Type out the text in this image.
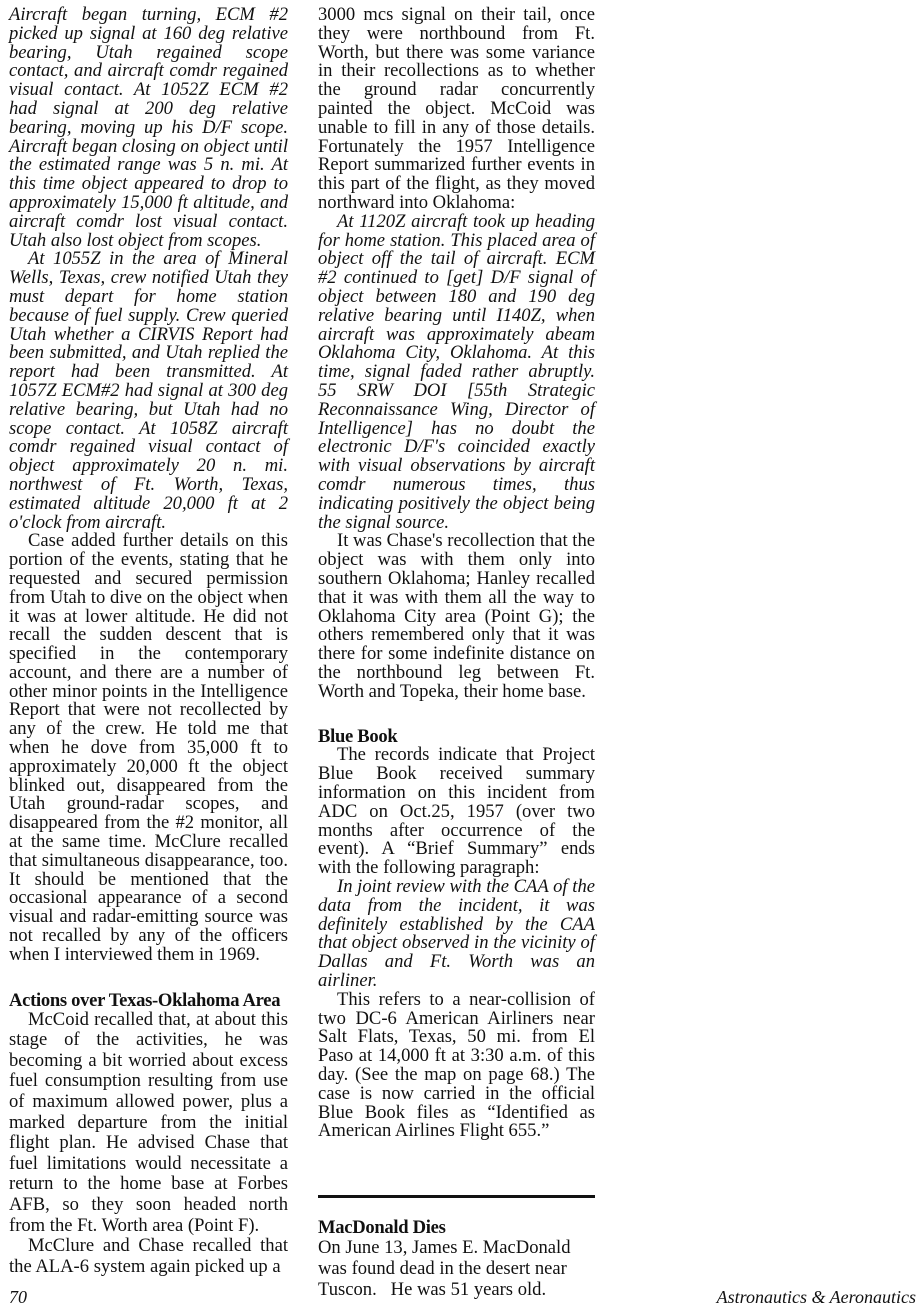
Aircraft began turning, ECM #2 picked up signal at 160 deg relative bearing, Utah regained scope contact, and aircraft comdr regained visual contact. At 1052Z ECM #2 had signal at 200 deg relative bearing, moving up his D/F scope. Aircraft began closing on object until the estimated range was 5 n. mi. At this time object appeared to drop to approximately 15,000 ft altitude, and aircraft comdr lost visual contact. Utah also lost object from scopes.

At 1055Z in the area of Mineral Wells, Texas, crew notified Utah they must depart for home station because of fuel supply. Crew queried Utah whether a CIRVIS Report had been submitted, and Utah replied the report had been transmitted. At 1057Z ECM#2 had signal at 300 deg relative bearing, but Utah had no scope contact. At 1058Z aircraft comdr regained visual contact of object approximately 20 n. mi. northwest of Ft. Worth, Texas, estimated altitude 20,000 ft at 2 o'clock from aircraft.

Case added further details on this portion of the events, stating that he requested and secured permission from Utah to dive on the object when it was at lower altitude. He did not recall the sudden descent that is specified in the contemporary account, and there are a number of other minor points in the Intelligence Report that were not recollected by any of the crew. He told me that when he dove from 35,000 ft to approximately 20,000 ft the object blinked out, disappeared from the Utah ground-radar scopes, and disappeared from the #2 monitor, all at the same time. McClure recalled that simultaneous disappearance, too. It should be mentioned that the occasional appearance of a second visual and radar-emitting source was not recalled by any of the officers when I interviewed them in 1969.

Actions over Texas-Oklahoma Area

McCoid recalled that, at about this stage of the activities, he was becoming a bit worried about excess fuel consumption resulting from use of maximum allowed power, plus a marked departure from the initial flight plan. He advised Chase that fuel limitations would necessitate a return to the home base at Forbes AFB, so they soon headed north from the Ft. Worth area (Point F).

McClure and Chase recalled that the ALA-6 system again picked up a

3000 mcs signal on their tail, once they were northbound from Ft. Worth, but there was some variance in their recollections as to whether the ground radar concurrently painted the object. McCoid was unable to fill in any of those details. Fortunately the 1957 Intelligence Report summarized further events in this part of the flight, as they moved northward into Oklahoma:

At 1120Z aircraft took up heading for home station. This placed area of object off the tail of aircraft. ECM #2 continued to [get] D/F signal of object between 180 and 190 deg relative bearing until I140Z, when aircraft was approximately abeam Oklahoma City, Oklahoma. At this time, signal faded rather abruptly. 55 SRW DOI [55th Strategic Reconnaissance Wing, Director of Intelligence] has no doubt the electronic D/F's coincided exactly with visual observations by aircraft comdr numerous times, thus indicating positively the object being the signal source.

It was Chase's recollection that the object was with them only into southern Oklahoma; Hanley recalled that it was with them all the way to Oklahoma City area (Point G); the others remembered only that it was there for some indefinite distance on the northbound leg between Ft. Worth and Topeka, their home base.

Blue Book

The records indicate that Project Blue Book received summary information on this incident from ADC on Oct.25, 1957 (over two months after occurrence of the event). A “Brief Summary” ends with the following paragraph:

In joint review with the CAA of the data from the incident, it was definitely established by the CAA that object observed in the vicinity of Dallas and Ft. Worth was an airliner.

This refers to a near-collision of two DC-6 American Airliners near Salt Flats, Texas, 50 mi. from El Paso at 14,000 ft at 3:30 a.m. of this day. (See the map on page 68.) The case is now carried in the official Blue Book files as “Identified as American Airlines Flight 655.”

MacDonald Dies
On June 13, James E. MacDonald
was found dead in the desert near
Tuscon.   He was 51 years old.
70	Astronautics & Aeronautics
